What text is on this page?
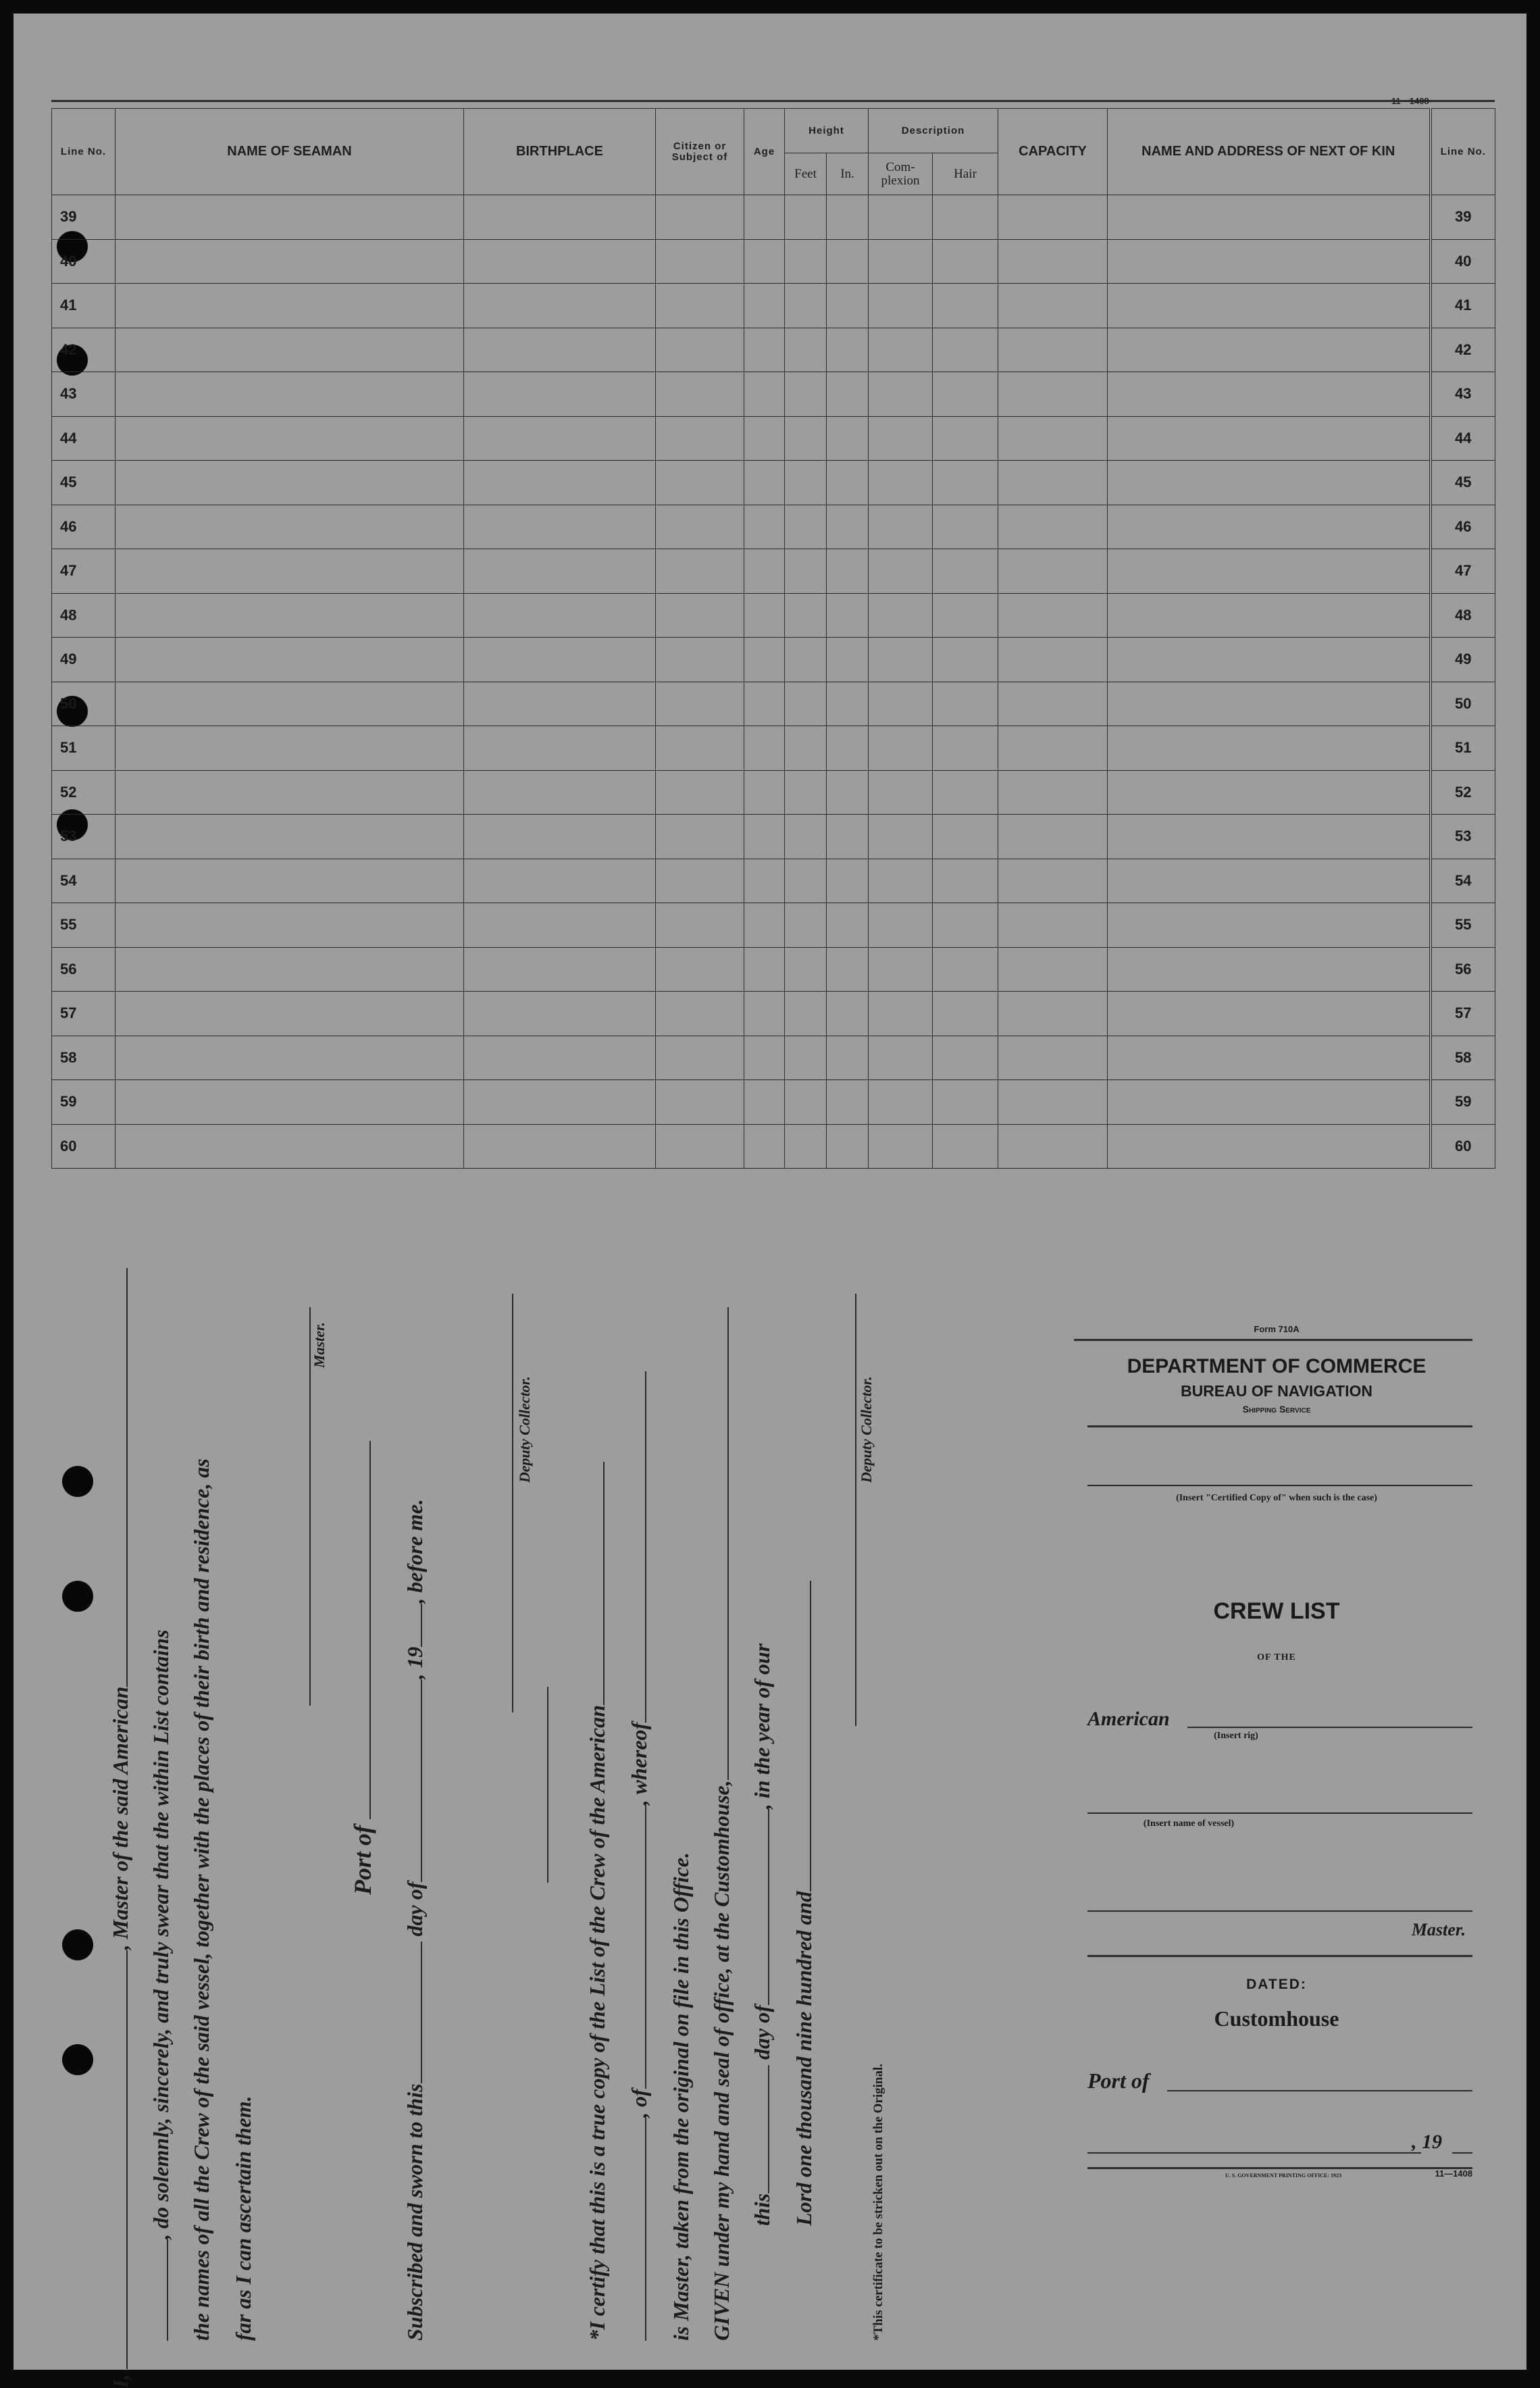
11—1408
Line No.	NAME OF SEAMAN	BIRTHPLACE	Citizen or Subject of	Age	Height		Description		CAPACITY	NAME AND ADDRESS OF NEXT OF KIN	Line No.
					Feet	In.	Com-plexion	Hair			
39											39
40											40
41											41
42											42
43											43
44											44
45											45
46											46
47											47
48											48
49											49
50											50
51											51
52											52
53											53
54											54
55											55
56											56
57											57
58											58
59											59
60											60
I, , Master of the said American , do solemnly, sincerely, and truly swear that the within List contains the names of all the Crew of the said vessel, together with the places of their birth and residence, as far as I can ascertain them.
Master.
Port of
Subscribed and sworn to this day of, 19, before me.
Deputy Collector.
*I certify that this is a true copy of the List of the Crew of the American , of, whereof
is Master, taken from the original on file in this Office. GIVEN under my hand and seal of office, at the Customhouse, this day of, in the year of our
Lord one thousand nine hundred and
Deputy Collector.
*This certificate to be stricken out on the Original.
Form 710A
DEPARTMENT OF COMMERCE
BUREAU OF NAVIGATION
Shipping Service
(Insert "Certified Copy of" when such is the case)
CREW LIST
OF THE
American
(Insert rig)
(Insert name of vessel)
Master.
DATED:
Customhouse
Port of
, 19
U. S. GOVERNMENT PRINTING OFFICE: 1923	11—1408
